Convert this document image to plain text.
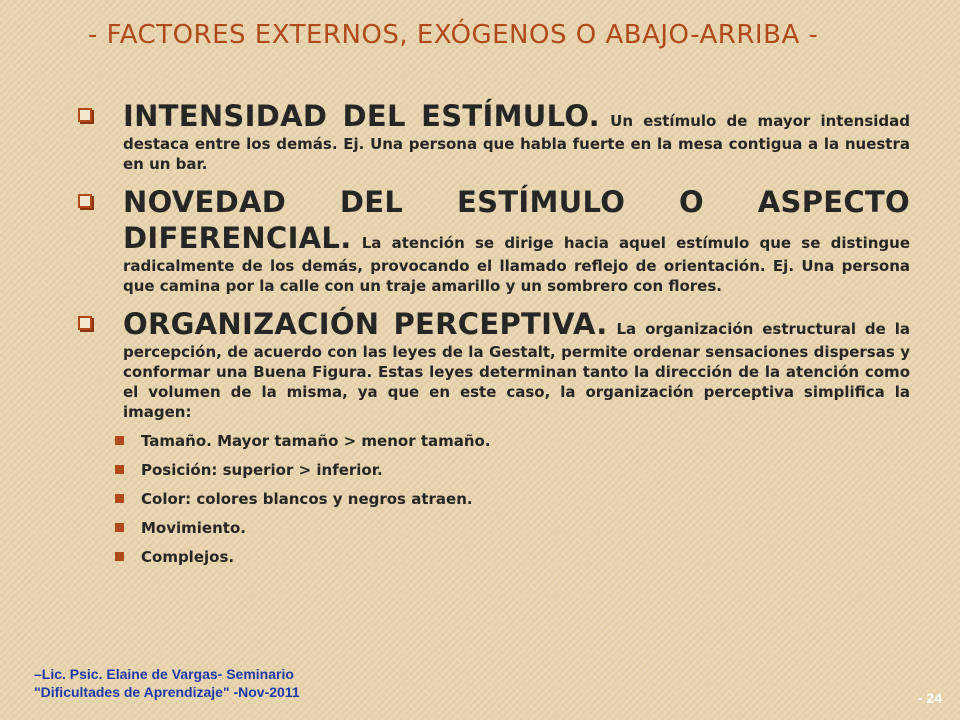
- FACTORES EXTERNOS, EXÓGENOS O ABAJO-ARRIBA -
INTENSIDAD DEL ESTÍMULO. Un estímulo de mayor intensidad destaca entre los demás. Ej. Una persona que habla fuerte en la mesa contigua a la nuestra en un bar.
NOVEDAD DEL ESTÍMULO O ASPECTO DIFERENCIAL. La atención se dirige hacia aquel estímulo que se distingue radicalmente de los demás, provocando el llamado reflejo de orientación. Ej. Una persona que camina por la calle con un traje amarillo y un sombrero con flores.
ORGANIZACIÓN PERCEPTIVA. La organización estructural de la percepción, de acuerdo con las leyes de la Gestalt, permite ordenar sensaciones dispersas y conformar una Buena Figura. Estas leyes determinan tanto la dirección de la atención como el volumen de la misma, ya que en este caso, la organización perceptiva simplifica la imagen:
Tamaño. Mayor tamaño > menor tamaño.
Posición: superior > inferior.
Color: colores blancos y negros atraen.
Movimiento.
Complejos.
–Lic. Psic. Elaine de Vargas- Seminario
"Dificultades de Aprendizaje" -Nov-2011	- 24
